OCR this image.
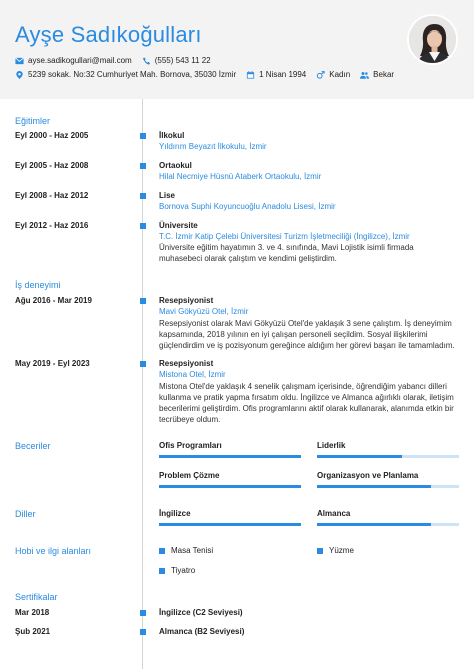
Ayşe Sadıkoğulları
ayse.sadikogullari@mail.com	(555) 543 11 22
5239 sokak. No:32 Cumhuriyet Mah. Bornova, 35030 İzmir	1 Nisan 1994	Kadın	Bekar
Eğitimler
Eyl 2000 - Haz 2005	İlkokul
Yıldırım Beyazıt İlkokulu, İzmir
Eyl 2005 - Haz 2008	Ortaokul
Hilal Necmiye Hüsnü Ataberk Ortaokulu, İzmir
Eyl 2008 - Haz 2012	Lise
Bornova Suphi Koyuncuoğlu Anadolu Lisesi, İzmir
Eyl 2012 - Haz 2016	Üniversite
T.C. İzmir Katip Çelebi Üniversitesi Turizm İşletmeciliği (İngilizce), İzmir
Üniversite eğitim hayatımın 3. ve 4. sınıfında, Mavi Lojistik isimli firmada muhasebeci olarak çalıştım ve kendimi geliştirdim.
İş deneyimi
Ağu 2016 - Mar 2019	Resepsiyonist
Mavi Gökyüzü Otel, İzmir
Resepsiyonist olarak Mavi Gökyüzü Otel'de yaklaşık 3 sene çalıştım. İş deneyimim kapsamında, 2018 yılının en iyi çalışan personeli seçildim. Sosyal ilişkilerimi güçlendirdim ve iş pozisyonum gereğince aldığım her görevi başarı ile tamamladım.
May 2019 - Eyl 2023	Resepsiyonist
Mistona Otel, İzmir
Mistona Otel'de yaklaşık 4 senelik çalışmam içerisinde, öğrendiğim yabancı dilleri kullanma ve pratik yapma fırsatım oldu. İngilizce ve Almanca ağırlıklı olarak, iletişim becerilerimi geliştirdim. Ofis programlarını aktif olarak kullanarak, alanımda etkin bir tecrübeye oldum.
Beceriler	Ofis Programları	Liderlik
Problem Çözme	Organizasyon ve Planlama
Diller	İngilizce	Almanca
Hobi ve ilgi alanları	Masa Tenisi	Yüzme
Tiyatro
Sertifikalar
Mar 2018	İngilizce (C2 Seviyesi)
Şub 2021	Almanca (B2 Seviyesi)
